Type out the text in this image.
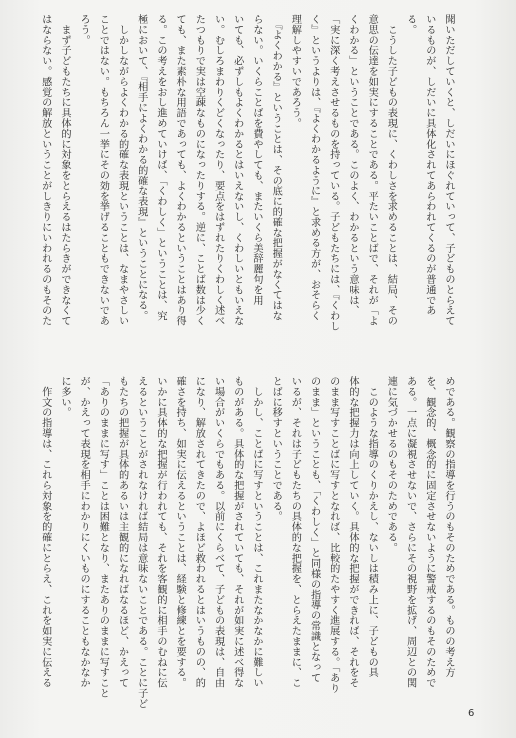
聞いただしていくと、しだいにほぐれていって、子どものとらえて

いるものが、しだいに具体化されてあらわれてくるのが普通であ

る。

　こうした子どもの表現に、くわしさを求めることは、結局、その

意思の伝達を如実にすることである。平たいことばで、それが「よ

くわかる」ということである。このよく、わかるという意味は、

「実に深く考えさせるものを持っている。子どもたちには、『くわし

く』というよりは、『よくわかるように』と求める方が、おそらく

理解しやすいであろう。

　『よくわかる』ということは、その底に的確な把握がなくてはな

らない。いくらことばを費やしても、またいくら美辞麗句を用

いても、必ずしもよくわかるとはいえないし、くわしいともいえな

い。むしろまわりくどくなったり、要点をはずれたりくわしく述べ

たつもりで実は空疎なものになったりする。逆に、ことば数は少く

ても、また素朴な用語であっても、よくわかるということはあり得

る。この考えをおし進めていけば、「くわしく」ということは、究

極において、『相手によくわかる的確な表現』ということになる。

　しかしながらよくわかる的確な表現ということは、なまやさしい

ことではない。もちろん一挙にその効を挙げることもできないであ

ろう。

　まず子どもたちに具体的に対象をとらえるはたらきができなくて

はならない。感覚の解放ということがしきりにいわれるのもそのた

めである。観察の指導を行うのもそのためである。ものの考え方

を、観念的、概念的に固定させないように警戒するのもそのためで

ある。一点に凝視させないで、さらにその視野を拡げ、周辺との関

連に気づかせるのもそのためである。

　このような指導のくりかえし、ないしは積み上に、子どもの具

体的な把握力は向上していく。具体的な把握ができれば、それをそ

のまま写すことばに写すとなれば、比較的たやすく進展する。「あり

のまま」ということも、「くわしく」と同様の指導の常識となって

いるが、それは子どもたちの具体的な把握を、とらえたままに、こ

とばに移すということである。

　しかし、ことばに写すということは、これまたなかなかに難しい

ものがある。具体的な把握がされていても、それが如実に述べ得な

い場合がいくらでもある。以前にくらべて、子どもの表現は、自由

になり、解放されてきたので、よほど救われるとはいうものの、的

確さを持ち、如実に伝えるということは、経験と修練とを要する。

いかに具体的な把握が行われても、それを客観的に相手のむねに伝

えるということがされなければ結局は意味ないことである。ことに子ど

もたちの把握が具体的あるいは主観的になればなるほど、かえって

「ありのままに写す」ことは困難となり、またありのままに写すこと

が、かえって表現を相手にわかりにくいものにすることもなかなか

に多い。

　作文の指導は、これら対象を的確にとらえ、これを如実に伝える

6
